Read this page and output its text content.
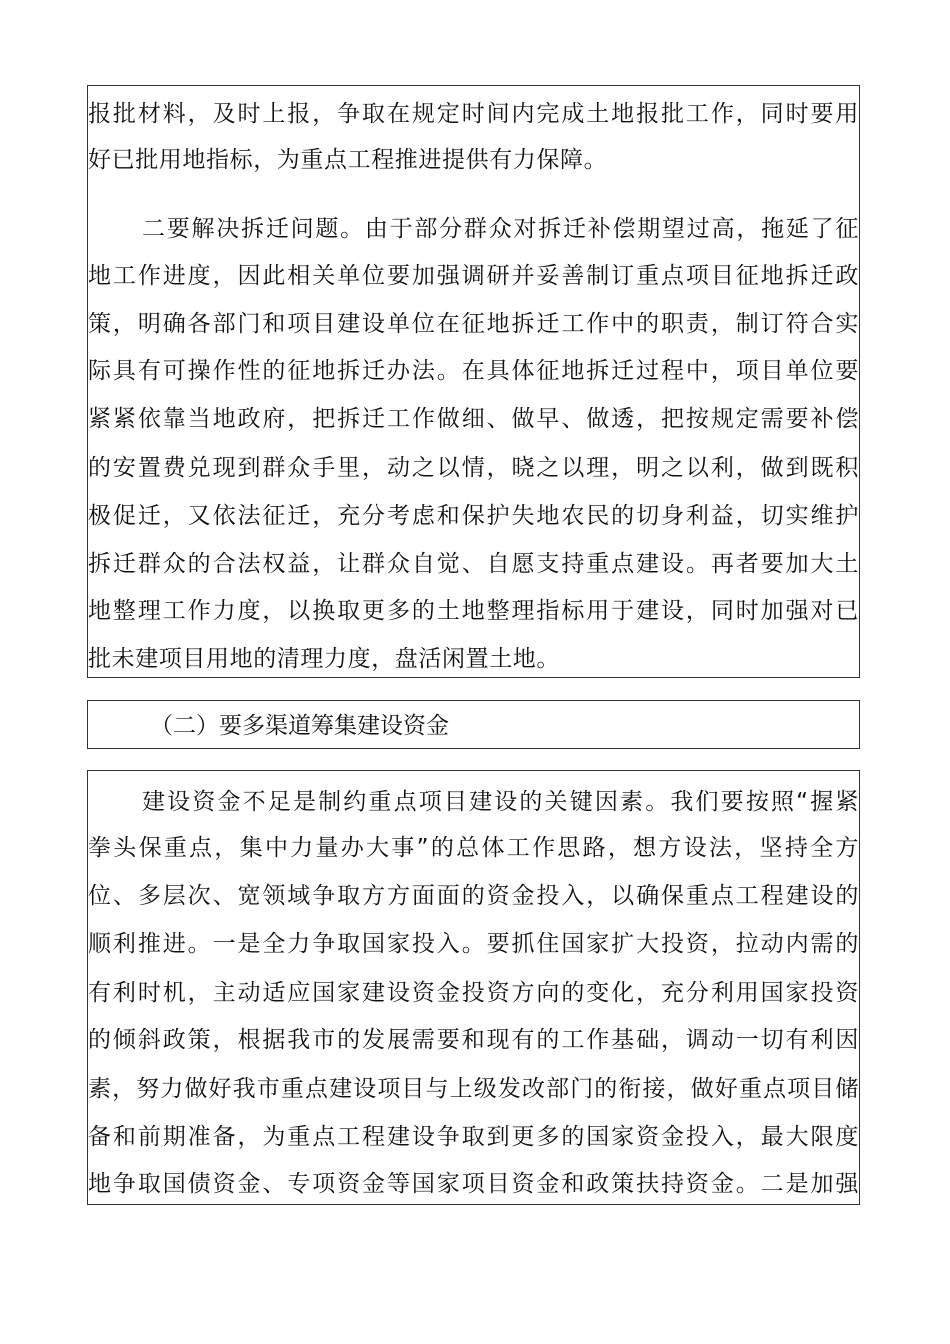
报批材料，及时上报，争取在规定时间内完成土地报批工作，同时要用
好已批用地指标，为重点工程推进提供有力保障。
二要解决拆迁问题。由于部分群众对拆迁补偿期望过高，拖延了征
地工作进度，因此相关单位要加强调研并妥善制订重点项目征地拆迁政
策，明确各部门和项目建设单位在征地拆迁工作中的职责，制订符合实
际具有可操作性的征地拆迁办法。在具体征地拆迁过程中，项目单位要
紧紧依靠当地政府，把拆迁工作做细、做早、做透，把按规定需要补偿
的安置费兑现到群众手里，动之以情，晓之以理，明之以利，做到既积
极促迁，又依法征迁，充分考虑和保护失地农民的切身利益，切实维护
拆迁群众的合法权益，让群众自觉、自愿支持重点建设。再者要加大土
地整理工作力度，以换取更多的土地整理指标用于建设，同时加强对已
批未建项目用地的清理力度，盘活闲置土地。
（二）要多渠道筹集建设资金
建设资金不足是制约重点项目建设的关键因素。我们要按照“握紧
拳头保重点，集中力量办大事”的总体工作思路，想方设法，坚持全方
位、多层次、宽领域争取方方面面的资金投入，以确保重点工程建设的
顺利推进。一是全力争取国家投入。要抓住国家扩大投资，拉动内需的
有利时机，主动适应国家建设资金投资方向的变化，充分利用国家投资
的倾斜政策，根据我市的发展需要和现有的工作基础，调动一切有利因
素，努力做好我市重点建设项目与上级发改部门的衔接，做好重点项目储
备和前期准备，为重点工程建设争取到更多的国家资金投入，最大限度
地争取国债资金、专项资金等国家项目资金和政策扶持资金。二是加强
